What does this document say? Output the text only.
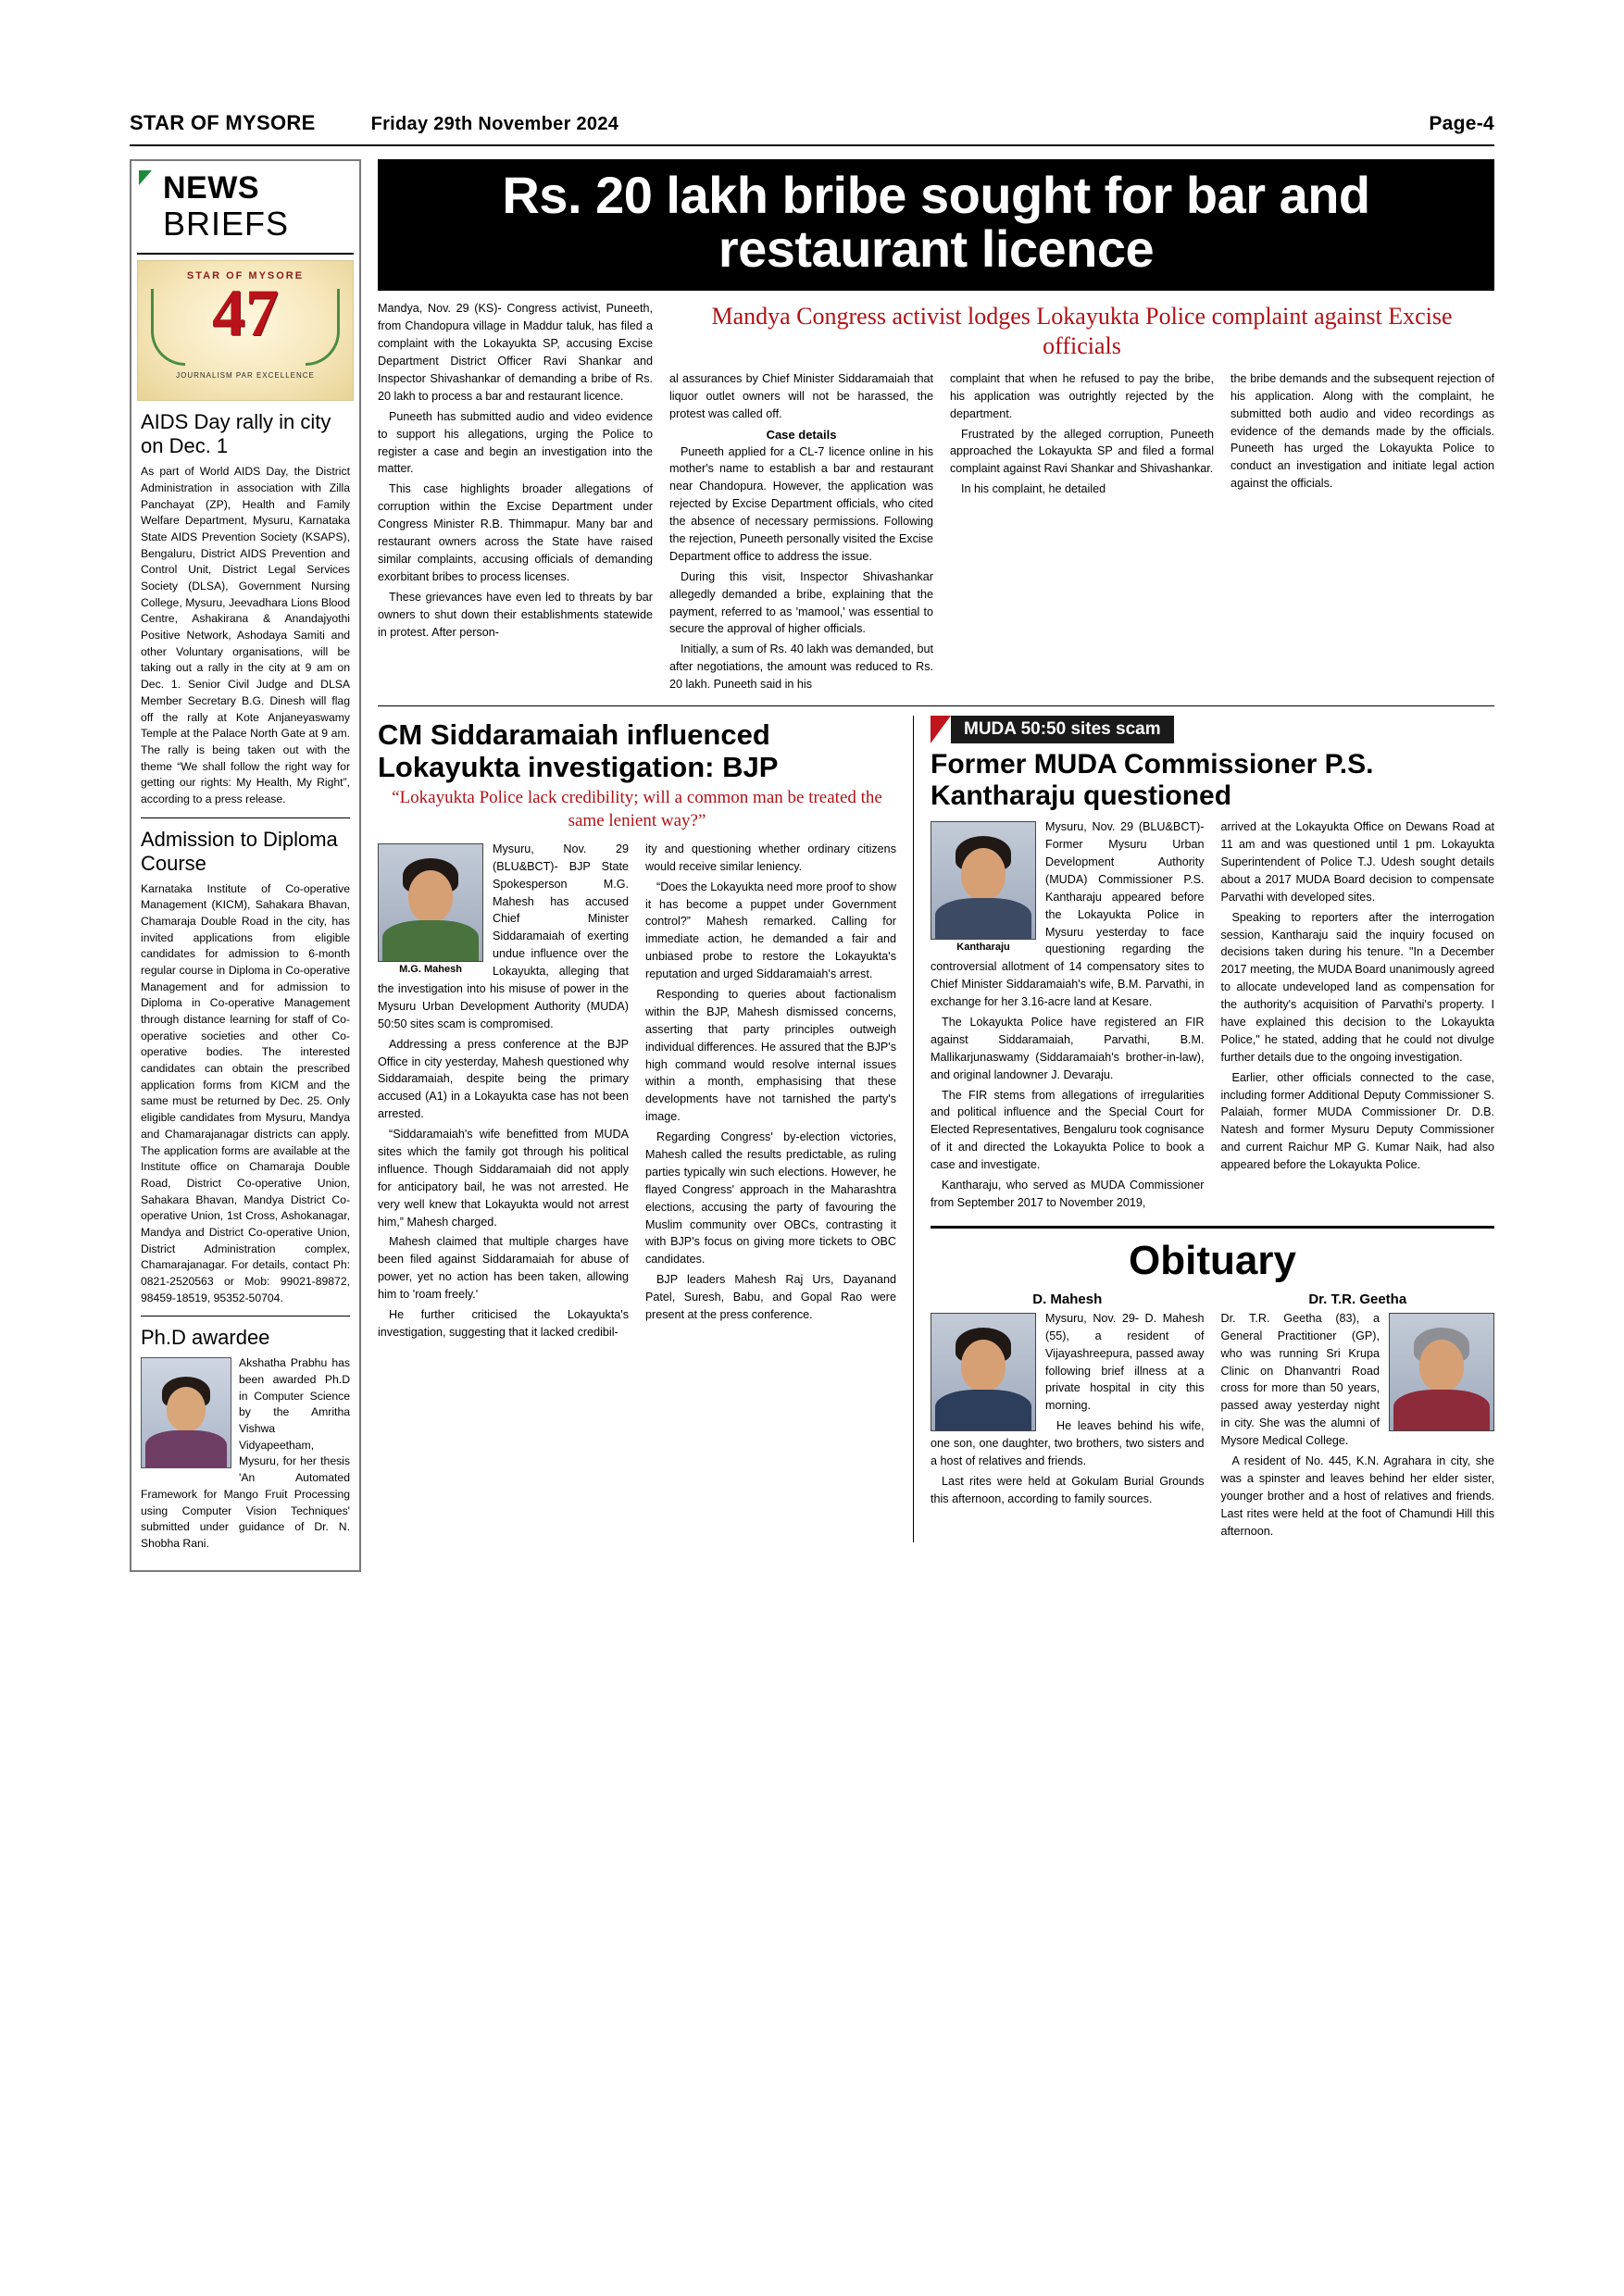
STAR OF MYSORE	Friday 29th November 2024	Page-4
NEWS
BRIEFS
STAR OF MYSORE
47
JOURNALISM PAR EXCELLENCE
AIDS Day rally in city on Dec. 1

As part of World AIDS Day, the District Administration in association with Zilla Panchayat (ZP), Health and Family Welfare Department, Mysuru, Karnataka State AIDS Prevention Society (KSAPS), Bengaluru, District AIDS Prevention and Control Unit, District Legal Services Society (DLSA), Government Nursing College, Mysuru, Jeevadhara Lions Blood Centre, Ashakirana & Anandajyothi Positive Network, Ashodaya Samiti and other Voluntary organisations, will be taking out a rally in the city at 9 am on Dec. 1. Senior Civil Judge and DLSA Member Secretary B.G. Dinesh will flag off the rally at Kote Anjaneyaswamy Temple at the Palace North Gate at 9 am. The rally is being taken out with the theme “We shall follow the right way for getting our rights: My Health, My Right”, according to a press release.

Admission to Diploma Course

Karnataka Institute of Co-operative Management (KICM), Sahakara Bhavan, Chamaraja Double Road in the city, has invited applications from eligible candidates for admission to 6-month regular course in Diploma in Co-operative Management and for admission to Diploma in Co-operative Management through distance learning for staff of Co-operative societies and other Co-operative bodies. The interested candidates can obtain the prescribed application forms from KICM and the same must be returned by Dec. 25. Only eligible candidates from Mysuru, Mandya and Chamarajanagar districts can apply. The application forms are available at the Institute office on Chamaraja Double Road, District Co-operative Union, Sahakara Bhavan, Mandya District Co-operative Union, 1st Cross, Ashokanagar, Mandya and District Co-operative Union, District Administration complex, Chamarajanagar. For details, contact Ph: 0821-2520563 or Mob: 99021-89872, 98459-18519, 95352-50704.

Ph.D awardee

Akshatha Prabhu has been awarded Ph.D in Computer Science by the Amritha Vishwa Vidyapeetham, Mysuru, for her thesis 'An Automated Framework for Mango Fruit Processing using Computer Vision Techniques' submitted under guidance of Dr. N. Shobha Rani.

Rs. 20 lakh bribe sought for bar and restaurant licence

Mandya, Nov. 29 (KS)- Congress activist, Puneeth, from Chandopura village in Maddur taluk, has filed a complaint with the Lokayukta SP, accusing Excise Department District Officer Ravi Shankar and Inspector Shivashankar of demanding a bribe of Rs. 20 lakh to process a bar and restaurant licence.

Puneeth has submitted audio and video evidence to support his allegations, urging the Police to register a case and begin an investigation into the matter.

This case highlights broader allegations of corruption within the Excise Department under Congress Minister R.B. Thimmapur. Many bar and restaurant owners across the State have raised similar complaints, accusing officials of demanding exorbitant bribes to process licenses.

These grievances have even led to threats by bar owners to shut down their establishments statewide in protest. After person-

Mandya Congress activist lodges Lokayukta Police complaint against Excise officials

al assurances by Chief Minister Siddaramaiah that liquor outlet owners will not be harassed, the protest was called off.

Case details

Puneeth applied for a CL-7 licence online in his mother's name to establish a bar and restaurant near Chandopura. However, the application was rejected by Excise Department officials, who cited the absence of necessary permissions. Following the rejection, Puneeth personally visited the Excise Department office to address the issue.

During this visit, Inspector Shivashankar allegedly demanded a bribe, explaining that the payment, referred to as 'mamool,' was essential to secure the approval of higher officials.

Initially, a sum of Rs. 40 lakh was demanded, but after negotiations, the amount was reduced to Rs. 20 lakh. Puneeth said in his

complaint that when he refused to pay the bribe, his application was outrightly rejected by the department.

Frustrated by the alleged corruption, Puneeth approached the Lokayukta SP and filed a formal complaint against Ravi Shankar and Shivashankar.

In his complaint, he detailed

the bribe demands and the subsequent rejection of his application. Along with the complaint, he submitted both audio and video recordings as evidence of the demands made by the officials. Puneeth has urged the Lokayukta Police to conduct an investigation and initiate legal action against the officials.

CM Siddaramaiah influenced Lokayukta investigation: BJP
“Lokayukta Police lack credibility; will a common man be treated the same lenient way?”
M.G. Mahesh

Mysuru, Nov. 29 (BLU&BCT)- BJP State Spokesperson M.G. Mahesh has accused Chief Minister Siddaramaiah of exerting undue influence over the Lokayukta, alleging that the investigation into his misuse of power in the Mysuru Urban Development Authority (MUDA) 50:50 sites scam is compromised.

Addressing a press conference at the BJP Office in city yesterday, Mahesh questioned why Siddaramaiah, despite being the primary accused (A1) in a Lokayukta case has not been arrested.

“Siddaramaiah's wife benefitted from MUDA sites which the family got through his political influence. Though Siddaramaiah did not apply for anticipatory bail, he was not arrested. He very well knew that Lokayukta would not arrest him,” Mahesh charged.

Mahesh claimed that multiple charges have been filed against Siddaramaiah for abuse of power, yet no action has been taken, allowing him to 'roam freely.'

He further criticised the Lokayukta's investigation, suggesting that it lacked credibil-

ity and questioning whether ordinary citizens would receive similar leniency.

“Does the Lokayukta need more proof to show it has become a puppet under Government control?” Mahesh remarked. Calling for immediate action, he demanded a fair and unbiased probe to restore the Lokayukta's reputation and urged Siddaramaiah's arrest.

Responding to queries about factionalism within the BJP, Mahesh dismissed concerns, asserting that party principles outweigh individual differences. He assured that the BJP's high command would resolve internal issues within a month, emphasising that these developments have not tarnished the party's image.

Regarding Congress' by-election victories, Mahesh called the results predictable, as ruling parties typically win such elections. However, he flayed Congress' approach in the Maharashtra elections, accusing the party of favouring the Muslim community over OBCs, contrasting it with BJP's focus on giving more tickets to OBC candidates.

BJP leaders Mahesh Raj Urs, Dayanand Patel, Suresh, Babu, and Gopal Rao were present at the press conference.

MUDA 50:50 sites scam
Former MUDA Commissioner P.S. Kantharaju questioned
Kantharaju

Mysuru, Nov. 29 (BLU&BCT)- Former Mysuru Urban Development Authority (MUDA) Commissioner P.S. Kantharaju appeared before the Lokayukta Police in Mysuru yesterday to face questioning regarding the controversial allotment of 14 compensatory sites to Chief Minister Siddaramaiah's wife, B.M. Parvathi, in exchange for her 3.16-acre land at Kesare.

The Lokayukta Police have registered an FIR against Siddaramaiah, Parvathi, B.M. Mallikarjunaswamy (Siddaramaiah's brother-in-law), and original landowner J. Devaraju.

The FIR stems from allegations of irregularities and political influence and the Special Court for Elected Representatives, Bengaluru took cognisance of it and directed the Lokayukta Police to book a case and investigate.

Kantharaju, who served as MUDA Commissioner from September 2017 to November 2019,

arrived at the Lokayukta Office on Dewans Road at 11 am and was questioned until 1 pm. Lokayukta Superintendent of Police T.J. Udesh sought details about a 2017 MUDA Board decision to compensate Parvathi with developed sites.

Speaking to reporters after the interrogation session, Kantharaju said the inquiry focused on decisions taken during his tenure. "In a December 2017 meeting, the MUDA Board unanimously agreed to allocate undeveloped land as compensation for the authority's acquisition of Parvathi's property. I have explained this decision to the Lokayukta Police," he stated, adding that he could not divulge further details due to the ongoing investigation.

Earlier, other officials connected to the case, including former Additional Deputy Commissioner S. Palaiah, former MUDA Commissioner Dr. D.B. Natesh and former Mysuru Deputy Commissioner and current Raichur MP G. Kumar Naik, had also appeared before the Lokayukta Police.

Obituary
D. Mahesh

Mysuru, Nov. 29- D. Mahesh (55), a resident of Vijayashreepura, passed away following brief illness at a private hospital in city this morning.

He leaves behind his wife, one son, one daughter, two brothers, two sisters and a host of relatives and friends.

Last rites were held at Gokulam Burial Grounds this afternoon, according to family sources.

Dr. T.R. Geetha

Dr. T.R. Geetha (83), a General Practitioner (GP), who was running Sri Krupa Clinic on Dhanvantri Road cross for more than 50 years, passed away yesterday night in city. She was the alumni of Mysore Medical College.

A resident of No. 445, K.N. Agrahara in city, she was a spinster and leaves behind her elder sister, younger brother and a host of relatives and friends. Last rites were held at the foot of Chamundi Hill this afternoon.
